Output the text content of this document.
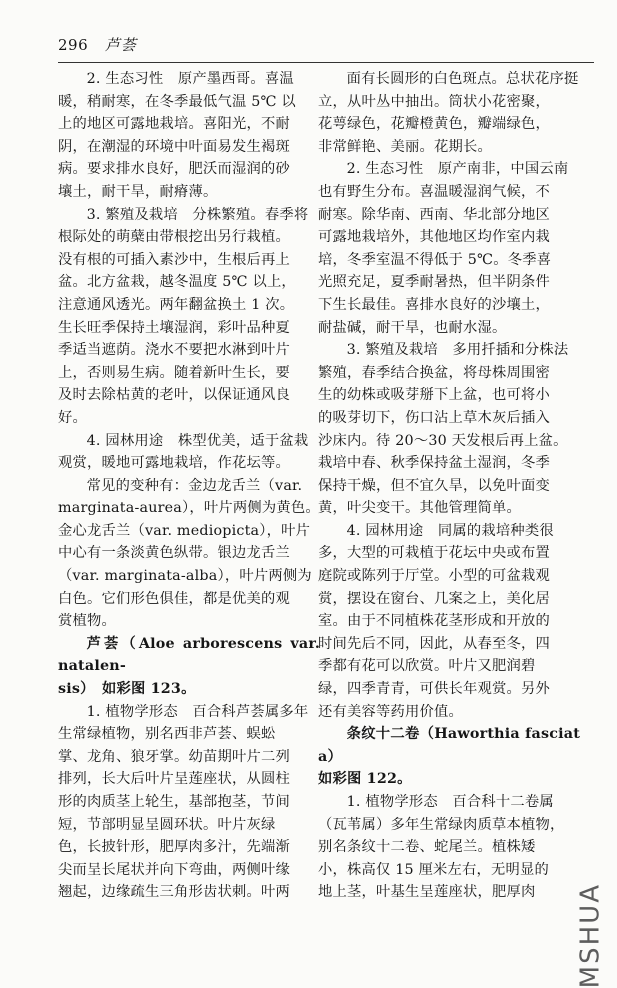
296 芦荟

2. 生态习性　原产墨西哥。喜温
暖，稍耐寒，在冬季最低气温 5℃ 以
上的地区可露地栽培。喜阳光，不耐
阴，在潮湿的环境中叶面易发生褐斑
病。要求排水良好，肥沃而湿润的砂
壤土，耐干旱，耐瘠薄。

3. 繁殖及栽培　分株繁殖。春季将
根际处的萌蘖由带根挖出另行栽植。
没有根的可插入素沙中，生根后再上
盆。北方盆栽，越冬温度 5℃ 以上，
注意通风透光。两年翻盆换土 1 次。
生长旺季保持土壤湿润，彩叶品种夏
季适当遮荫。浇水不要把水淋到叶片
上，否则易生病。随着新叶生长，要
及时去除枯黄的老叶，以保证通风良
好。

4. 园林用途　株型优美，适于盆栽
观赏，暖地可露地栽培，作花坛等。

常见的变种有：金边龙舌兰（var.
marginata-aurea），叶片两侧为黄色。
金心龙舌兰（var. mediopicta），叶片
中心有一条淡黄色纵带。银边龙舌兰
（var. marginata-alba），叶片两侧为
白色。它们形色俱佳，都是优美的观
赏植物。

芦荟（Aloe arborescens var. natalen-
sis）　如彩图 123。

1. 植物学形态　百合科芦荟属多年
生常绿植物，别名西非芦荟、蜈蚣
掌、龙角、狼牙掌。幼苗期叶片二列
排列，长大后叶片呈莲座状，从圆柱
形的肉质茎上轮生，基部抱茎，节间
短，节部明显呈圆环状。叶片灰绿
色，长披针形，肥厚肉多汁，先端渐
尖而呈长尾状并向下弯曲，两侧叶缘
翘起，边缘疏生三角形齿状刺。叶两

面有长圆形的白色斑点。总状花序挺
立，从叶丛中抽出。筒状小花密聚，
花萼绿色，花瓣橙黄色，瓣端绿色，
非常鲜艳、美丽。花期长。

2. 生态习性　原产南非，中国云南
也有野生分布。喜温暖湿润气候，不
耐寒。除华南、西南、华北部分地区
可露地栽培外，其他地区均作室内栽
培，冬季室温不得低于 5℃。冬季喜
光照充足，夏季耐暑热，但半阴条件
下生长最佳。喜排水良好的沙壤土，
耐盐碱，耐干旱，也耐水湿。

3. 繁殖及栽培　多用扦插和分株法
繁殖，春季结合换盆，将母株周围密
生的幼株或吸芽掰下上盆，也可将小
的吸芽切下，伤口沾上草木灰后插入
沙床内。待 20～30 天发根后再上盆。
栽培中春、秋季保持盆土湿润，冬季
保持干燥，但不宜久旱，以免叶面变
黄，叶尖变干。其他管理简单。

4. 园林用途　同属的栽培种类很
多，大型的可栽植于花坛中央或布置
庭院或陈列于厅堂。小型的可盆栽观
赏，摆设在窗台、几案之上，美化居
室。由于不同植株花茎形成和开放的
时间先后不同，因此，从春至冬，四
季都有花可以欣赏。叶片又肥润碧
绿，四季青青，可供长年观赏。另外
还有美容等药用价值。

条纹十二卷（Haworthia fasciata）
如彩图 122。

1. 植物学形态　百合科十二卷属
（瓦苇属）多年生常绿肉质草本植物，
别名条纹十二卷、蛇尾兰。植株矮
小，株高仅 15 厘米左右，无明显的
地上茎，叶基生呈莲座状，肥厚肉	MSHUA
